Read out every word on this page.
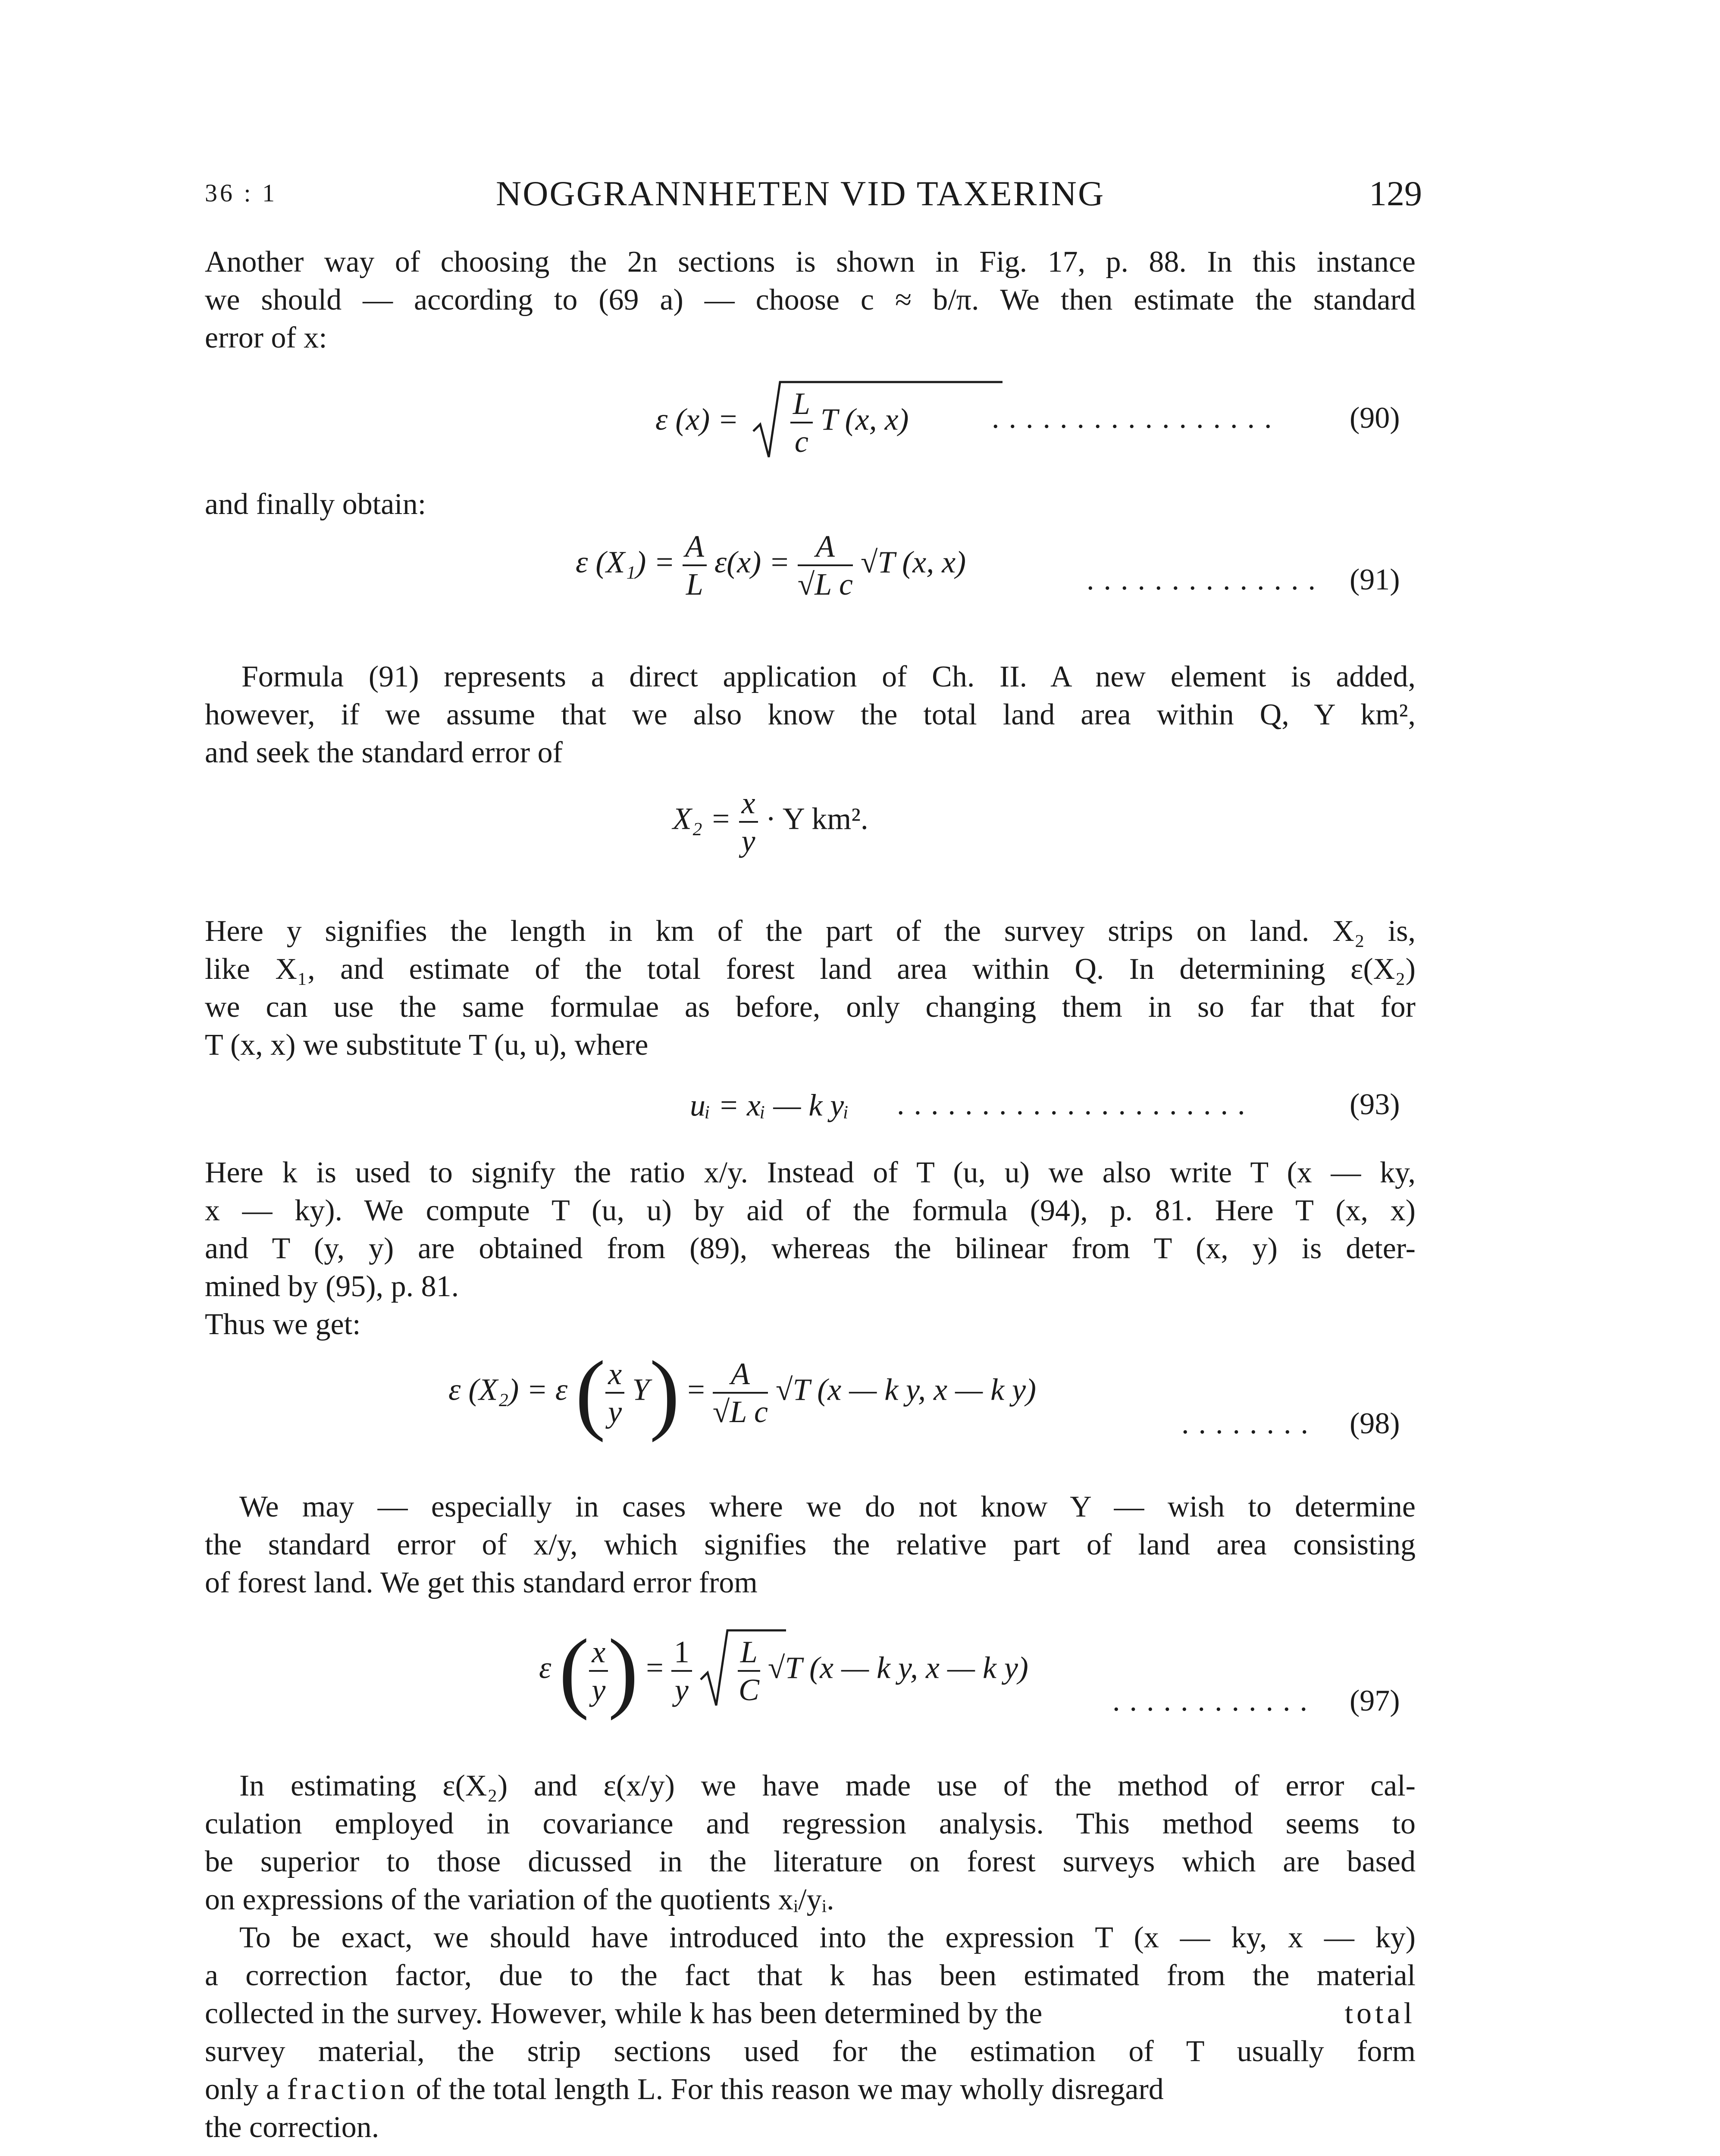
36 : 1	NOGGRANNHETEN VID TAXERING	129
Another way of choosing the 2n sections is shown in Fig. 17, p. 88. In this instance
we should — according to (69 a) — choose c ≈ b/π. We then estimate the standard
error of x:
ε $(x) = \frac{L}{c}$ T (x, x)	................. (90)
and finally obtain:
ε $(X_1) = \frac{A}{L} \varepsilon(x) = \frac{A}{\text{√L c}} √T$ (x, x)
.............. (91)
Formula (91) represents a direct application of Ch. II. A new element is added,
however, if we assume that we also know the total land area within Q, Y km²,
and seek the standard error of
$X_2 = \frac{x}{y} \cdot Y$ km².
Here y signifies the length in km of the part of the survey strips on land. X₂ is,
like X₁, and estimate of the total forest land area within Q. In determining ε(X₂)
we can use the same formulae as before, only changing them in so far that for
T (x, x) we substitute T (u, u), where
uᵢ = xᵢ — k yᵢ .....................	(93)
Here k is used to signify the ratio x/y. Instead of T (u, u) we also write T (x — ky,
x — ky). We compute T (u, u) by aid of the formula (94), p. 81. Here T (x, x)
and T (y, y) are obtained from (89), whereas the bilinear from T (x, y) is deter-
mined by (95), p. 81.
Thus we get:
ε (X₂) = ε ( $\frac{x}{y} Y) = \frac{A}{\text{√L c}} √T$ (x — k y, x — k y)
........ (98)
We may — especially in cases where we do not know Y — wish to determine
the standard error of x/y, which signifies the relative part of land area consisting
of forest land. We get this standard error from
ε ( $\frac{x}{y}$ ) = $\frac{1}{y}$
$\frac{L}{C} √T$ (x — k y, x — k y)
............ (97)
In estimating ε(X₂) and ε(x/y) we have made use of the method of error cal-
culation employed in covariance and regression analysis. This method seems to
be superior to those dicussed in the literature on forest surveys which are based
on expressions of the variation of the quotients xᵢ/yᵢ.
To be exact, we should have introduced into the expression T (x — ky, x — ky)
a correction factor, due to the fact that k has been estimated from the material
collected in the survey. However, while k has been determined by the	total
survey material, the strip sections used for the estimation of T usually form
only a fraction of the total length L. For this reason we may wholly disregard
the correction.
